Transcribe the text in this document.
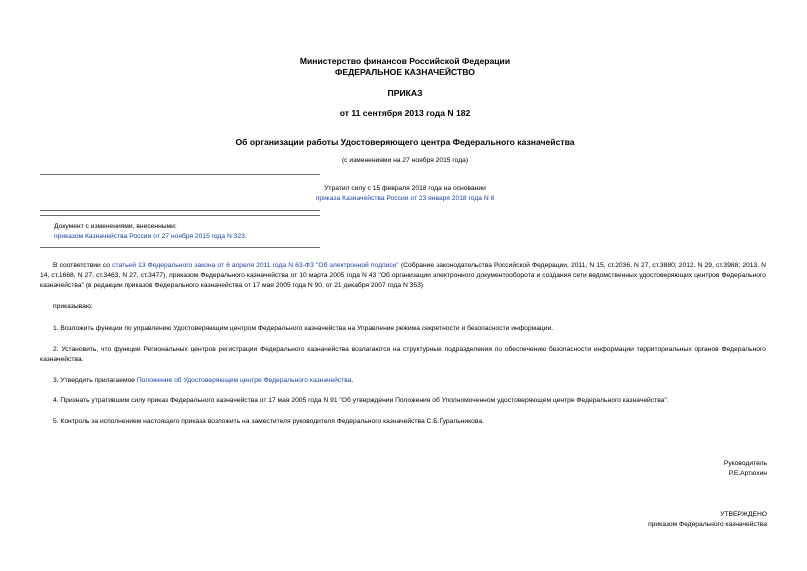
Министерство финансов Российской Федерации
ФЕДЕРАЛЬНОЕ КАЗНАЧЕЙСТВО
ПРИКАЗ
от 11 сентября 2013 года N 182
Об организации работы Удостоверяющего центра Федерального казначейства
(с изменениями на 27 ноября 2015 года)
Утратил силу с 15 февраля 2018 года на основании
приказа Казначейства России от 23 января 2018 года N 8
Документ с изменениями, внесенными:
приказом Казначейства России от 27 ноября 2015 года N 323.
В соответствии со статьей 13 Федерального закона от 6 апреля 2011 года N 63-ФЗ "Об электронной подписи" (Собрание законодательства Российской Федерации, 2011, N 15, ст.2036, N 27, ст.3880; 2012, N 29, ст.3988; 2013, N 14, ст.1668, N 27, ст.3463, N 27, ст.3477), приказом Федерального казначейства от 10 марта 2005 года N 43 "Об организации электронного документооборота и создания сети ведомственных удостоверяющих центров Федерального казначейства" (в редакции приказов Федерального казначейства от 17 мая 2005 года N 90, от 21 декабря 2007 года N 353)
приказываю:
1. Возложить функции по управлению Удостоверяющим центром Федерального казначейства на Управление режима секретности и безопасности информации.
2. Установить, что функции Региональных центров регистрации Федерального казначейства возлагаются на структурные подразделения по обеспечению безопасности информации территориальных органов Федерального казначейства.
3. Утвердить прилагаемое Положение об Удостоверяющем центре Федерального казначейства.
4. Признать утратившим силу приказ Федерального казначейства от 17 мая 2005 года N 91 "Об утверждении Положения об Уполномоченном удостоверяющем центре Федерального казначейства".
5. Контроль за исполнением настоящего приказа возложить на заместителя руководителя Федерального казначейства С.Б.Гуральникова.
Руководитель
Р.Е.Артюхин
УТВЕРЖДЕНО
приказом Федерального казначейства
